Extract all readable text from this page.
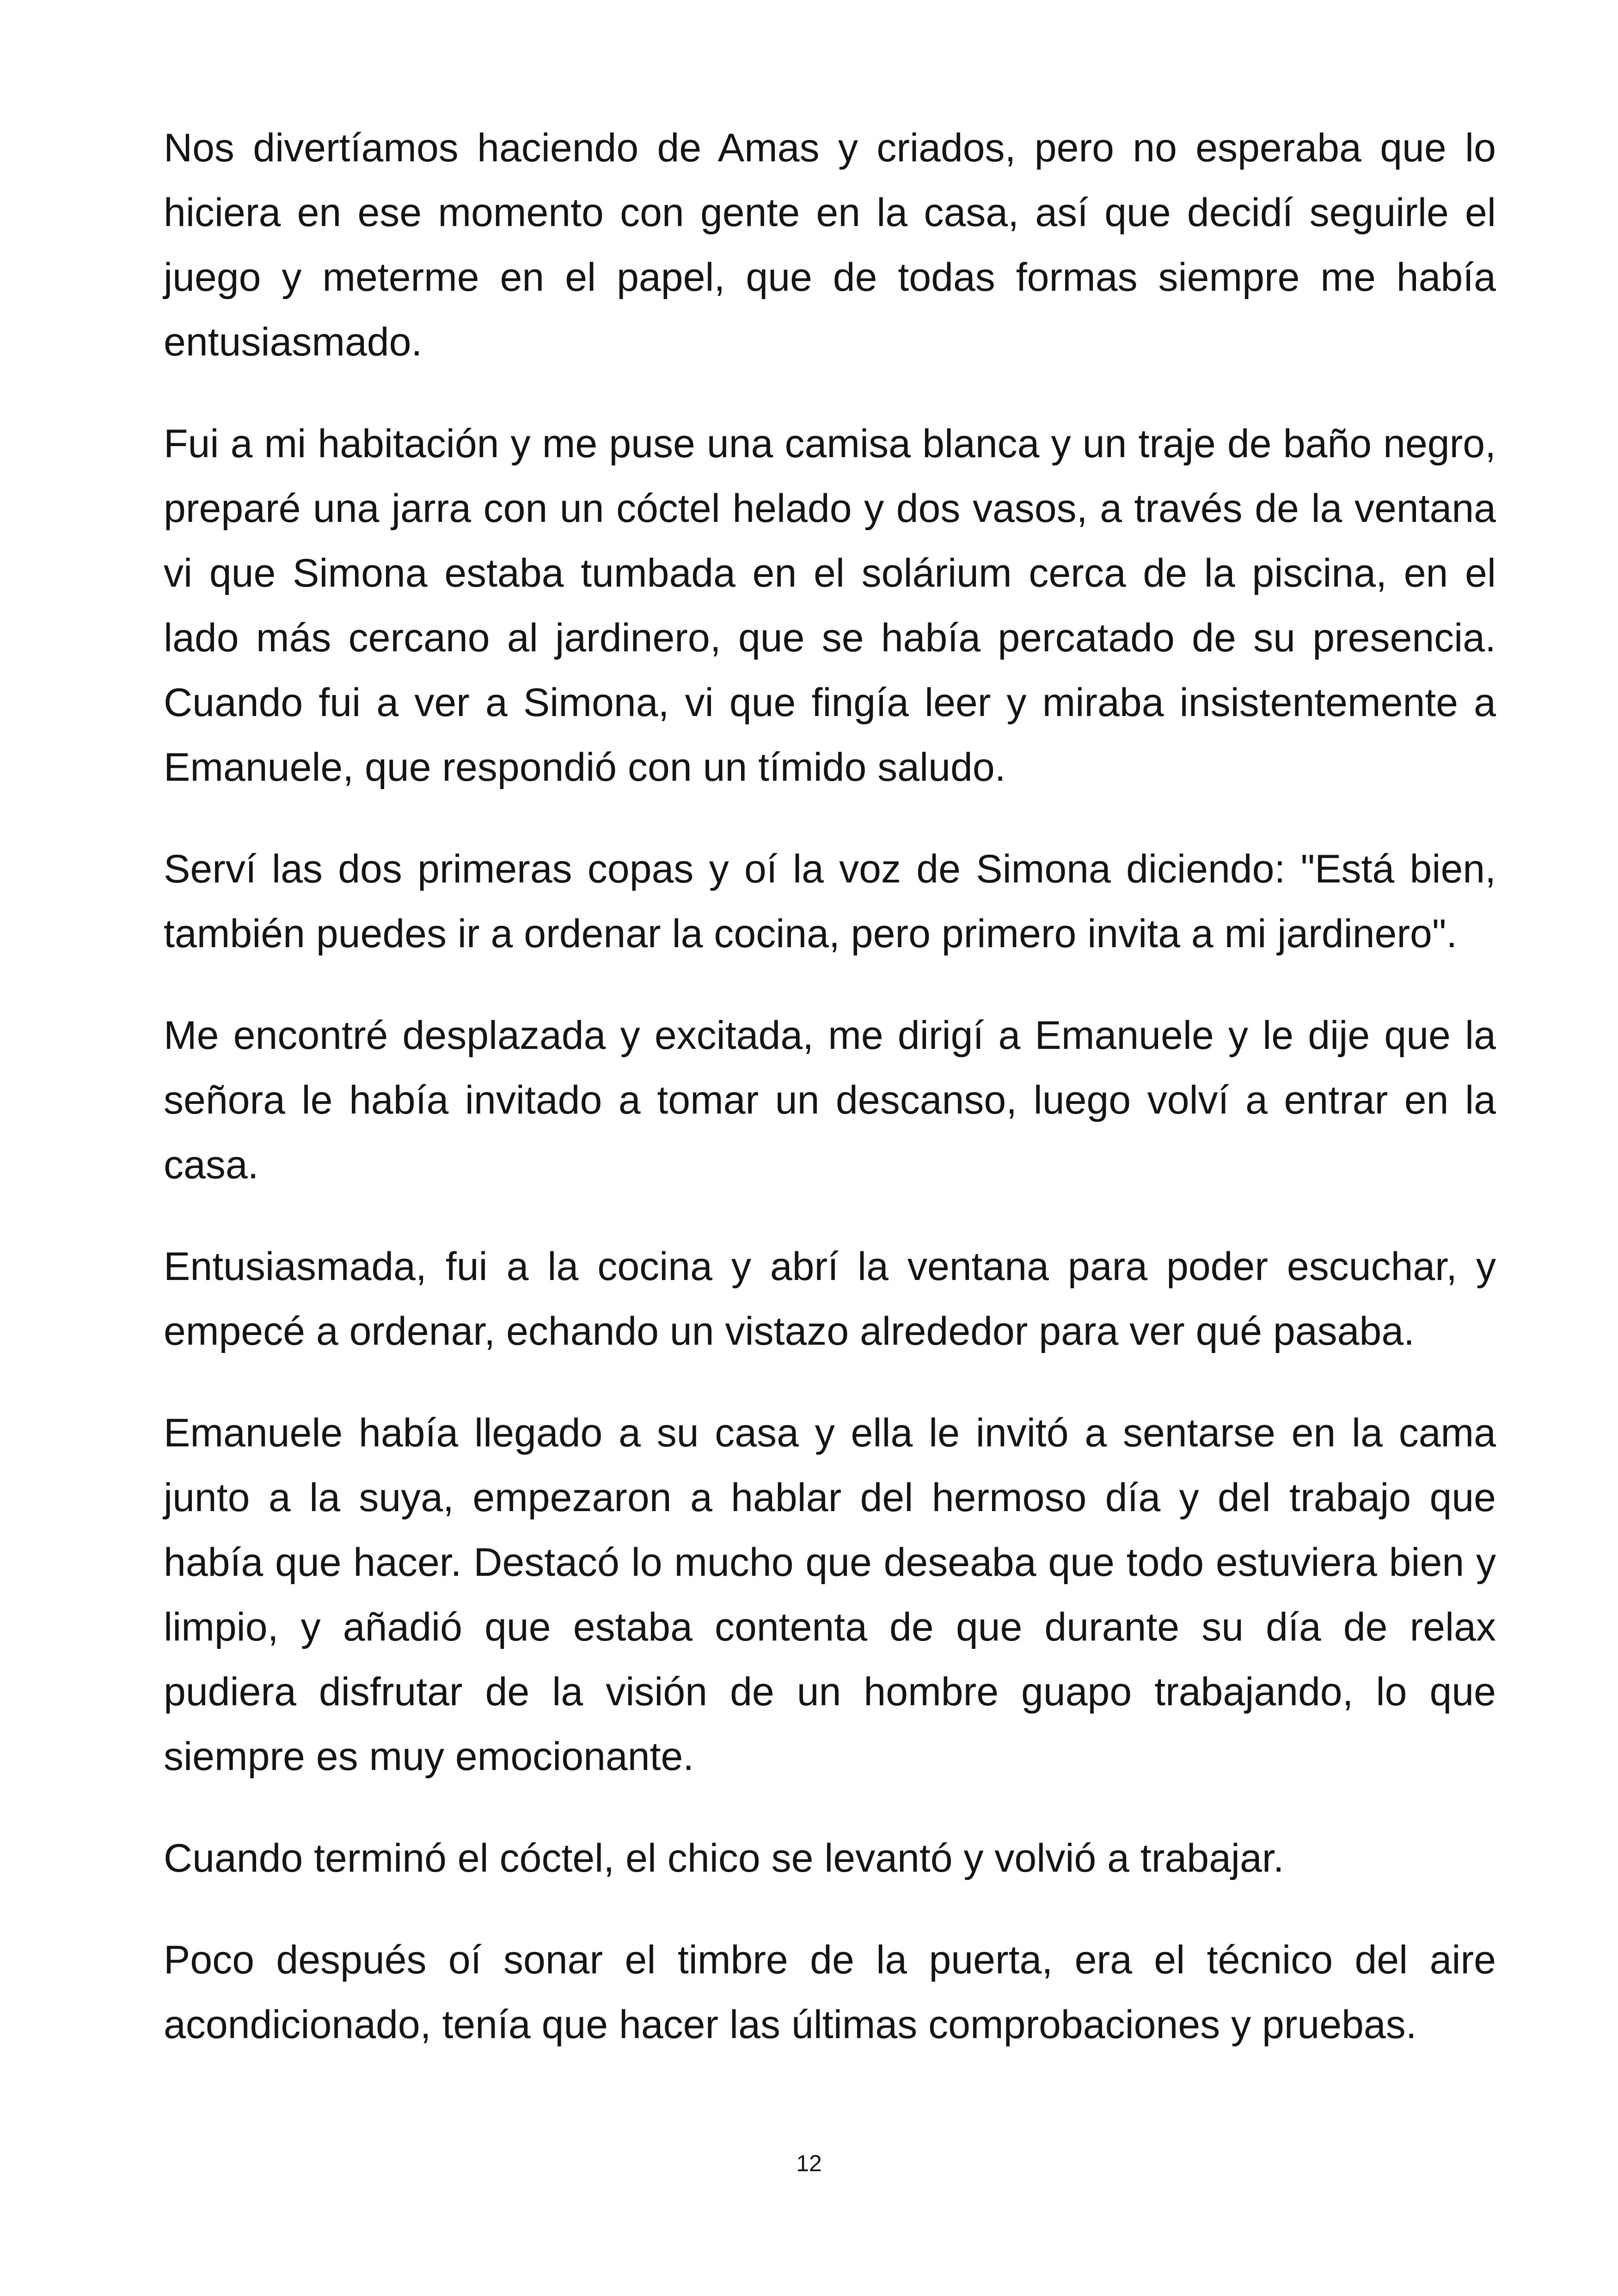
Nos divertíamos haciendo de Amas y criados, pero no esperaba que lo hiciera en ese momento con gente en la casa, así que decidí seguirle el juego y meterme en el papel, que de todas formas siempre me había entusiasmado.

Fui a mi habitación y me puse una camisa blanca y un traje de baño negro, preparé una jarra con un cóctel helado y dos vasos, a través de la ventana vi que Simona estaba tumbada en el solárium cerca de la piscina, en el lado más cercano al jardinero, que se había percatado de su presencia. Cuando fui a ver a Simona, vi que fingía leer y miraba insistentemente a Emanuele, que respondió con un tímido saludo.

Serví las dos primeras copas y oí la voz de Simona diciendo: "Está bien, también puedes ir a ordenar la cocina, pero primero invita a mi jardinero".

Me encontré desplazada y excitada, me dirigí a Emanuele y le dije que la señora le había invitado a tomar un descanso, luego volví a entrar en la casa.

Entusiasmada, fui a la cocina y abrí la ventana para poder escuchar, y empecé a ordenar, echando un vistazo alrededor para ver qué pasaba.

Emanuele había llegado a su casa y ella le invitó a sentarse en la cama junto a la suya, empezaron a hablar del hermoso día y del trabajo que había que hacer. Destacó lo mucho que deseaba que todo estuviera bien y limpio, y añadió que estaba contenta de que durante su día de relax pudiera disfrutar de la visión de un hombre guapo trabajando, lo que siempre es muy emocionante.

Cuando terminó el cóctel, el chico se levantó y volvió a trabajar.

Poco después oí sonar el timbre de la puerta, era el técnico del aire acondicionado, tenía que hacer las últimas comprobaciones y pruebas.

12
